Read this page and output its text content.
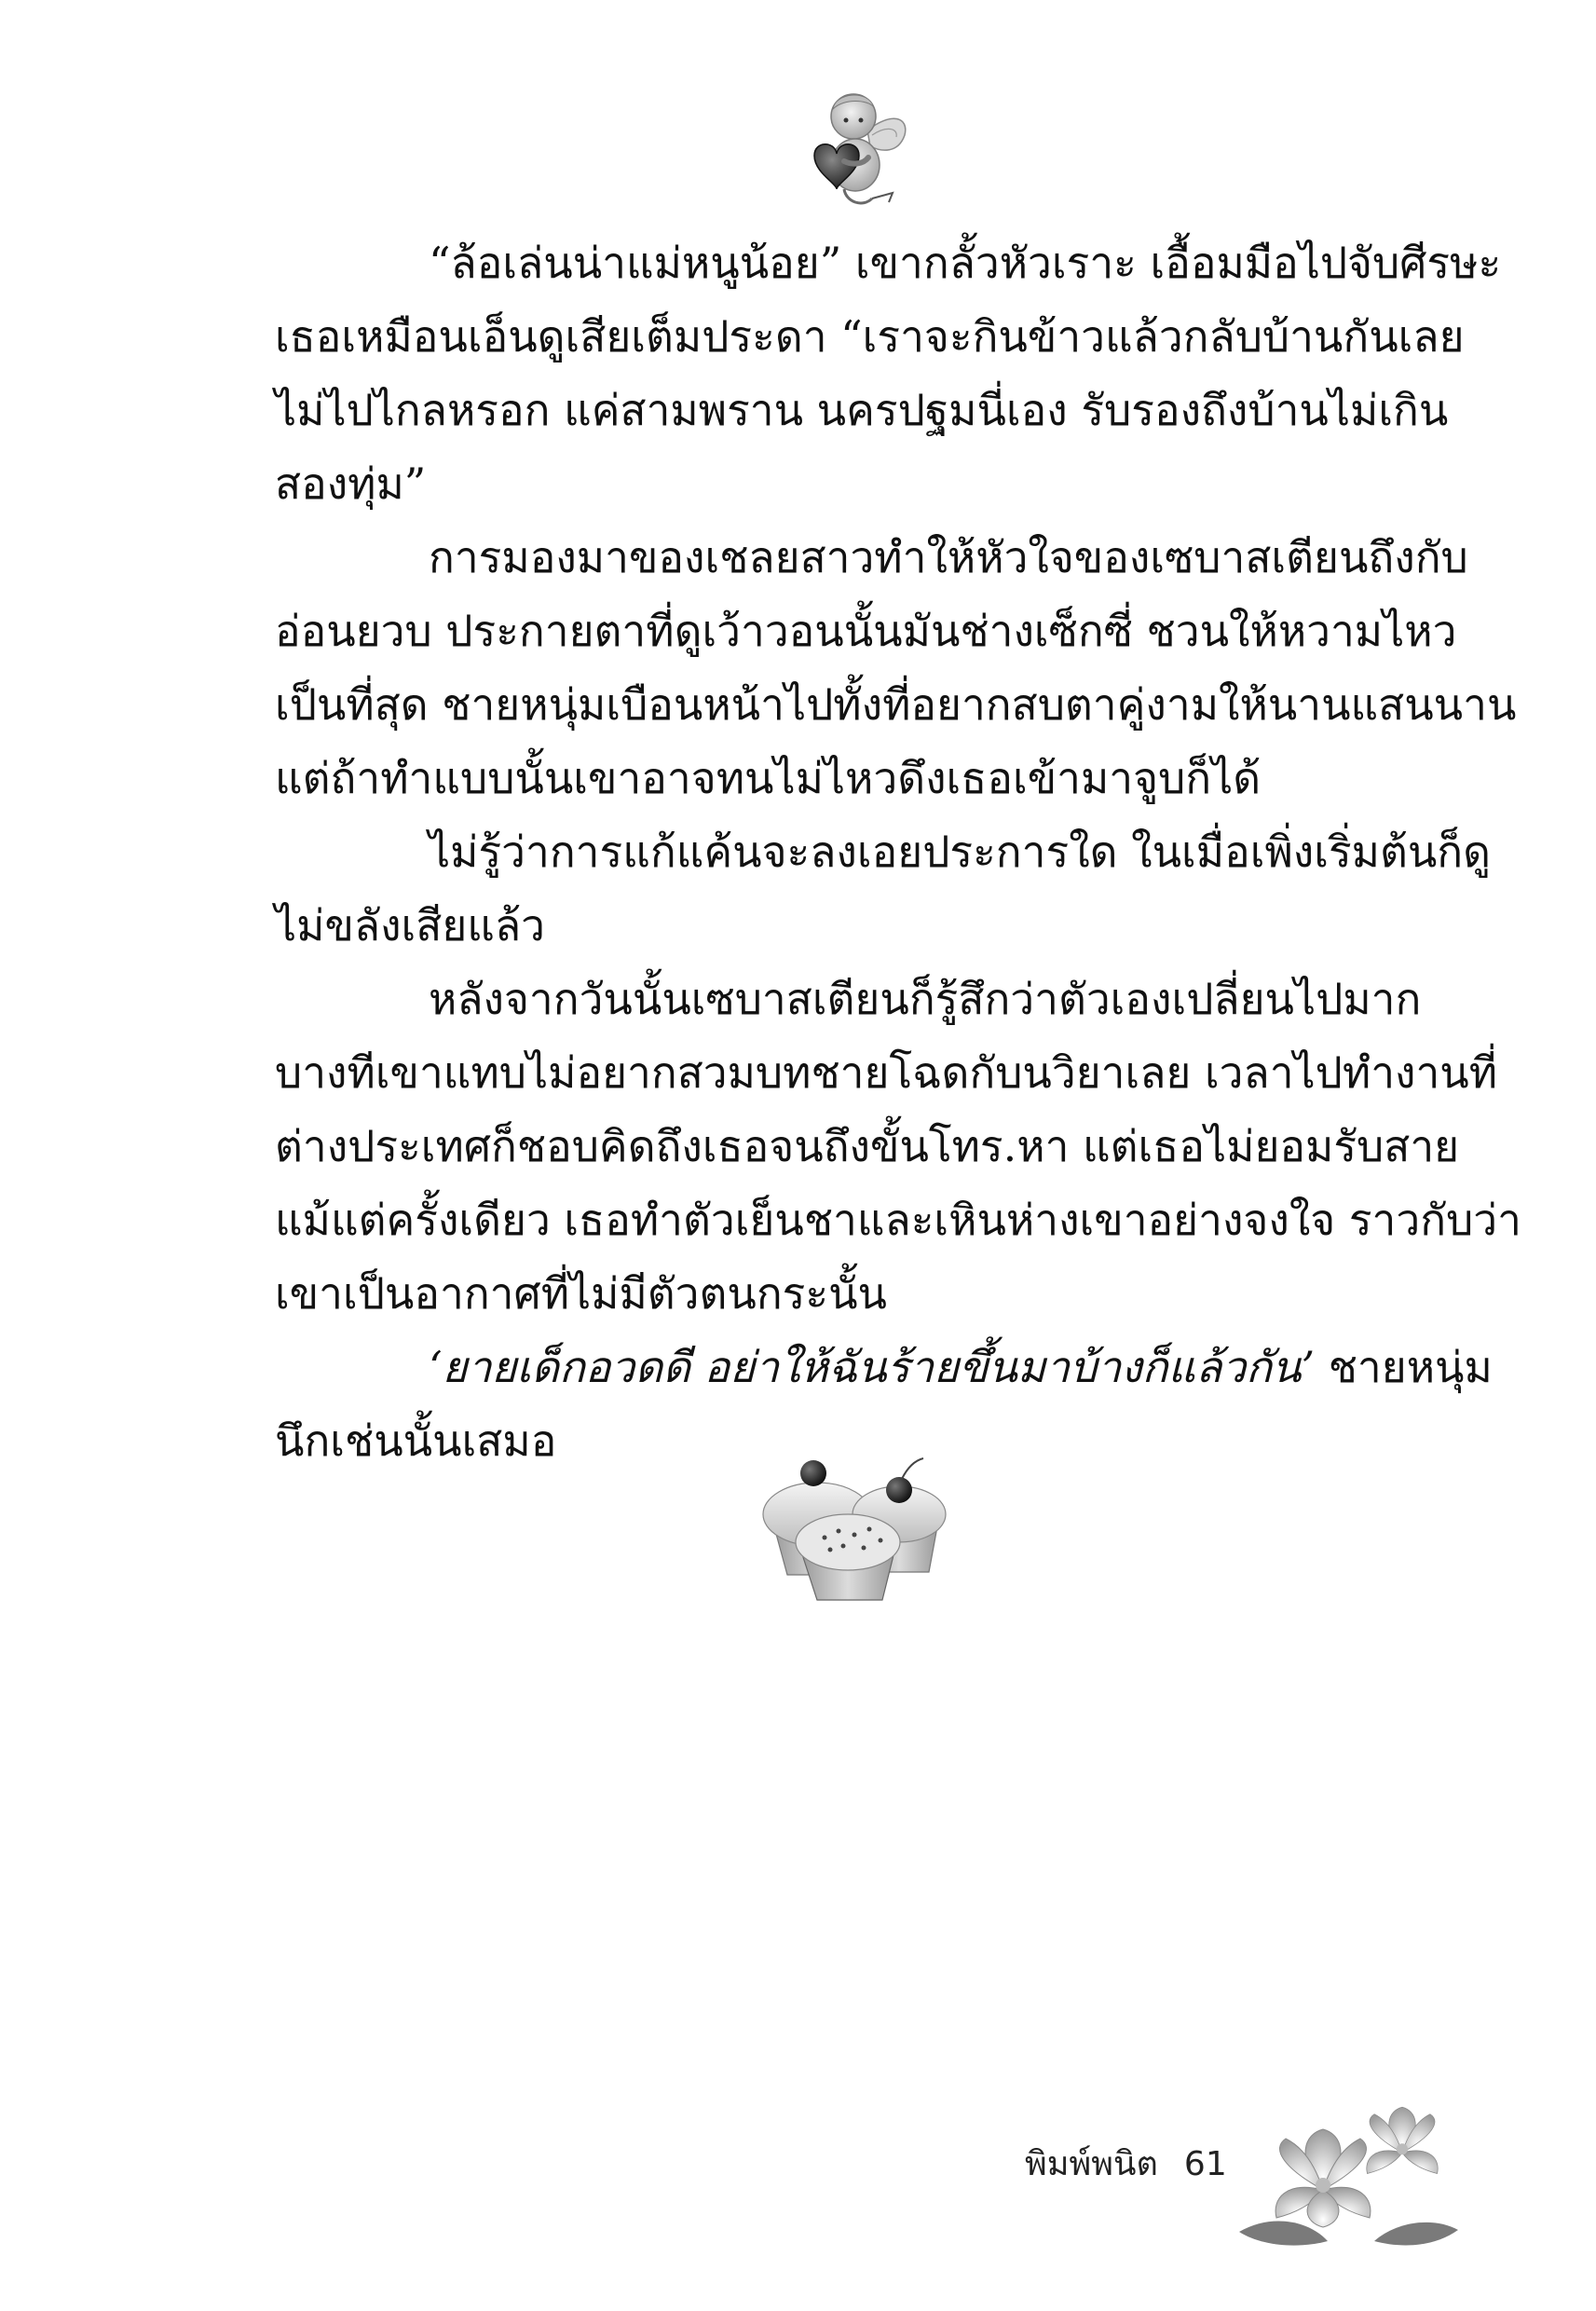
“ล้อเล่นน่าแม่หนูน้อย” เขากลั้วหัวเราะ เอื้อมมือไปจับศีรษะ
เธอเหมือนเอ็นดูเสียเต็มประดา “เราจะกินข้าวแล้วกลับบ้านกันเลย
ไม่ไปไกลหรอก แค่สามพราน นครปฐมนี่เอง รับรองถึงบ้านไม่เกิน
สองทุ่ม”

การมองมาของเชลยสาวทำให้หัวใจของเซบาสเตียนถึงกับ
อ่อนยวบ ประกายตาที่ดูเว้าวอนนั้นมันช่างเซ็กซี่ ชวนให้หวามไหว
เป็นที่สุด ชายหนุ่มเบือนหน้าไปทั้งที่อยากสบตาคู่งามให้นานแสนนาน
แต่ถ้าทำแบบนั้นเขาอาจทนไม่ไหวดึงเธอเข้ามาจูบก็ได้

ไม่รู้ว่าการแก้แค้นจะลงเอยประการใด ในเมื่อเพิ่งเริ่มต้นก็ดู
ไม่ขลังเสียแล้ว

หลังจากวันนั้นเซบาสเตียนก็รู้สึกว่าตัวเองเปลี่ยนไปมาก
บางทีเขาแทบไม่อยากสวมบทชายโฉดกับนวิยาเลย เวลาไปทำงานที่
ต่างประเทศก็ชอบคิดถึงเธอจนถึงขั้นโทร.หา แต่เธอไม่ยอมรับสาย
แม้แต่ครั้งเดียว เธอทำตัวเย็นชาและเหินห่างเขาอย่างจงใจ ราวกับว่า
เขาเป็นอากาศที่ไม่มีตัวตนกระนั้น

‘ยายเด็กอวดดี อย่าให้ฉันร้ายขึ้นมาบ้างก็แล้วกัน’ ชายหนุ่ม
นึกเช่นนั้นเสมอ

พิมพ์พนิต 61
